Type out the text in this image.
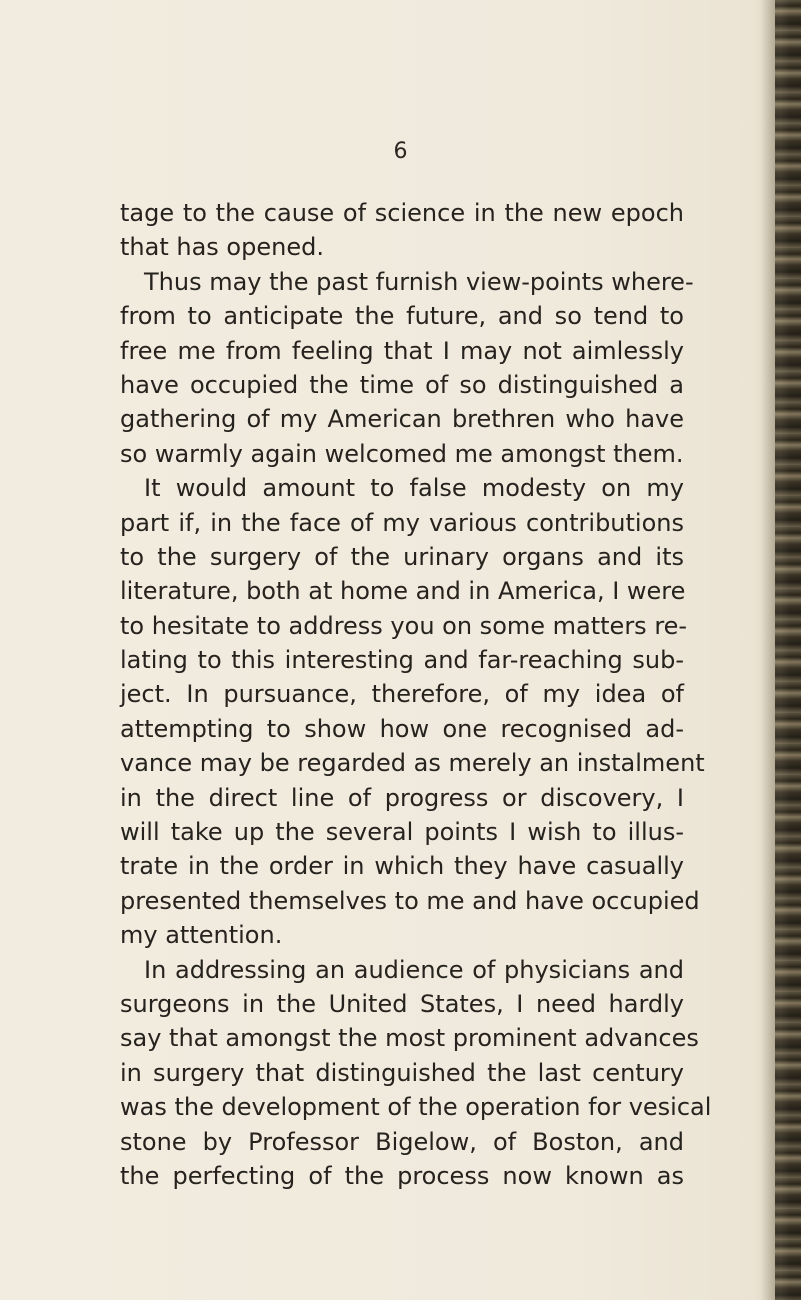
6

tage to the cause of science in the new epoch
that has opened.
Thus may the past furnish view-points where-
from to anticipate the future, and so tend to
free me from feeling that I may not aimlessly
have occupied the time of so distinguished a
gathering of my American brethren who have
so warmly again welcomed me amongst them.
It would amount to false modesty on my
part if, in the face of my various contributions
to the surgery of the urinary organs and its
literature, both at home and in America, I were
to hesitate to address you on some matters re-
lating to this interesting and far-reaching sub-
ject. In pursuance, therefore, of my idea of
attempting to show how one recognised ad-
vance may be regarded as merely an instalment
in the direct line of progress or discovery, I
will take up the several points I wish to illus-
trate in the order in which they have casually
presented themselves to me and have occupied
my attention.
In addressing an audience of physicians and
surgeons in the United States, I need hardly
say that amongst the most prominent advances
in surgery that distinguished the last century
was the development of the operation for vesical
stone by Professor Bigelow, of Boston, and
the perfecting of the process now known as
